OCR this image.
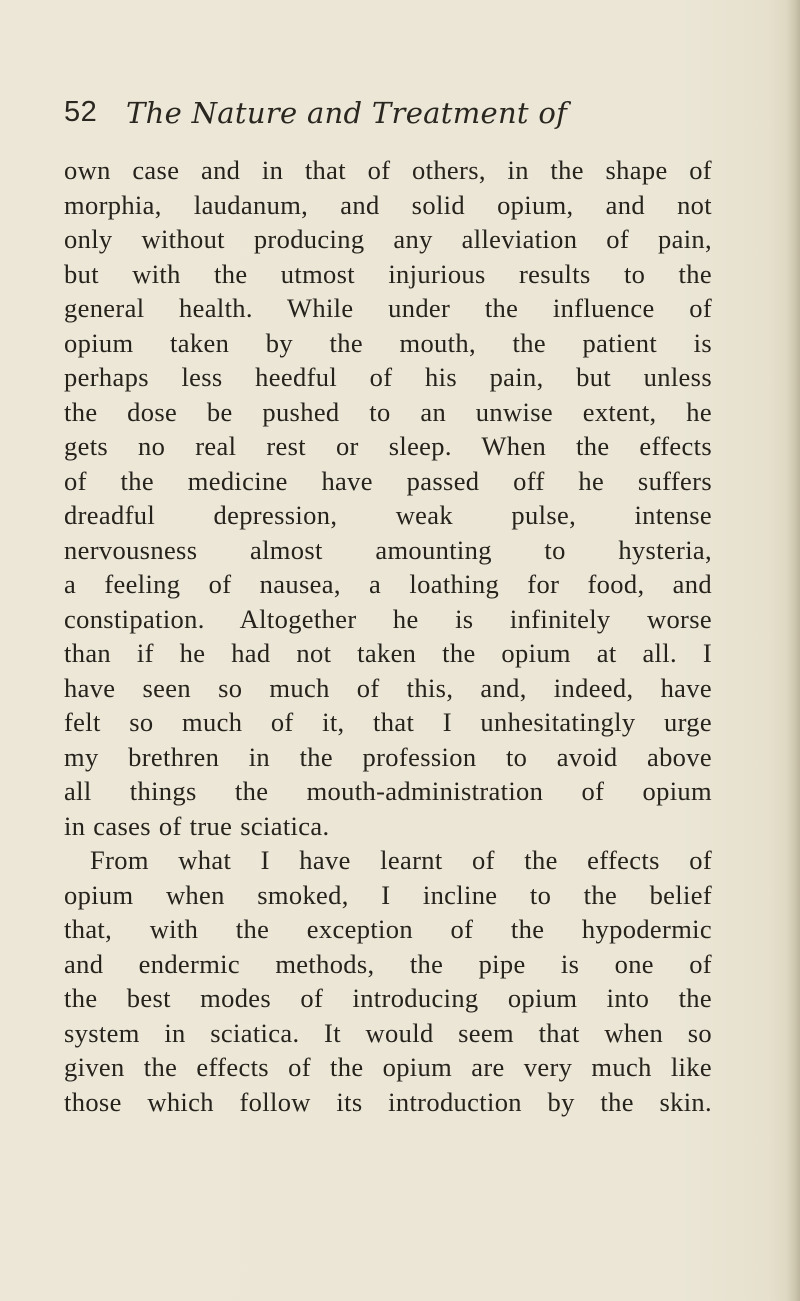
52 The Nature and Treatment of

own case and in that of others, in the shape of
morphia, laudanum, and solid opium, and not
only without producing any alleviation of pain,
but with the utmost injurious results to the
general health. While under the influence of
opium taken by the mouth, the patient is
perhaps less heedful of his pain, but unless
the dose be pushed to an unwise extent, he
gets no real rest or sleep. When the effects
of the medicine have passed off he suffers
dreadful depression, weak pulse, intense
nervousness almost amounting to hysteria,
a feeling of nausea, a loathing for food, and
constipation. Altogether he is infinitely worse
than if he had not taken the opium at all. I
have seen so much of this, and, indeed, have
felt so much of it, that I unhesitatingly urge
my brethren in the profession to avoid above
all things the mouth-administration of opium
in cases of true sciatica.

From what I have learnt of the effects of
opium when smoked, I incline to the belief
that, with the exception of the hypodermic
and endermic methods, the pipe is one of
the best modes of introducing opium into the
system in sciatica. It would seem that when so
given the effects of the opium are very much like
those which follow its introduction by the skin.
